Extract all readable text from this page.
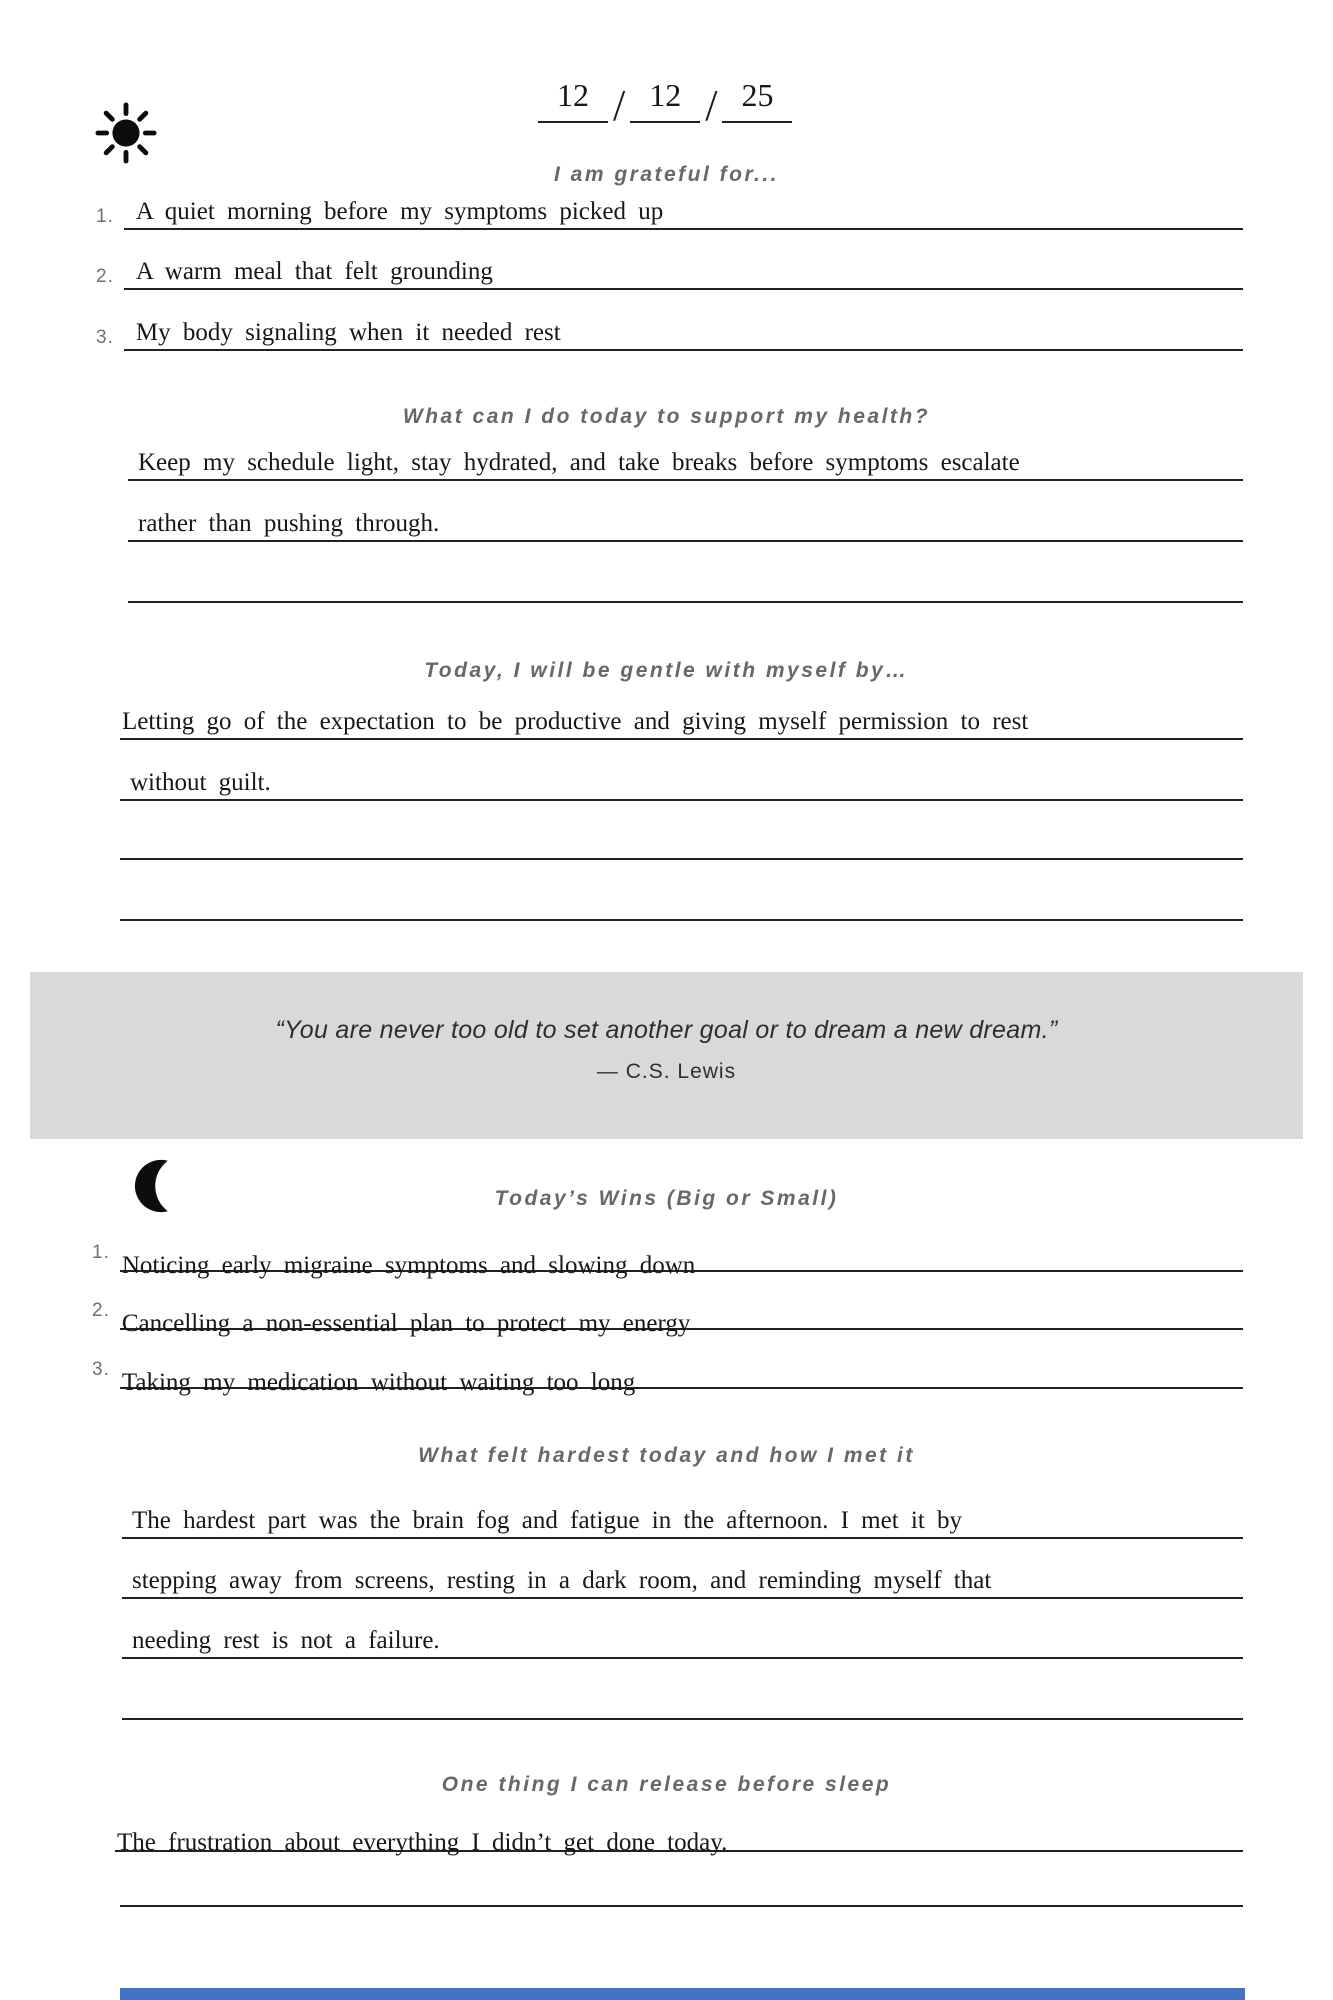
12 / 12 / 25
I am grateful for...
1. A quiet morning before my symptoms picked up
2. A warm meal that felt grounding
3. My body signaling when it needed rest
What can I do today to support my health?
Keep my schedule light, stay hydrated, and take breaks before symptoms escalate
rather than pushing through.
Today, I will be gentle with myself by…
Letting go of the expectation to be productive and giving myself permission to rest
without guilt.
“You are never too old to set another goal or to dream a new dream.”
— C.S. Lewis
Today’s Wins (Big or Small)
1. Noticing early migraine symptoms and slowing down
2. Cancelling a non-essential plan to protect my energy
3. Taking my medication without waiting too long
What felt hardest today and how I met it
The hardest part was the brain fog and fatigue in the afternoon. I met it by
stepping away from screens, resting in a dark room, and reminding myself that
needing rest is not a failure.
One thing I can release before sleep
The frustration about everything I didn’t get done today.
